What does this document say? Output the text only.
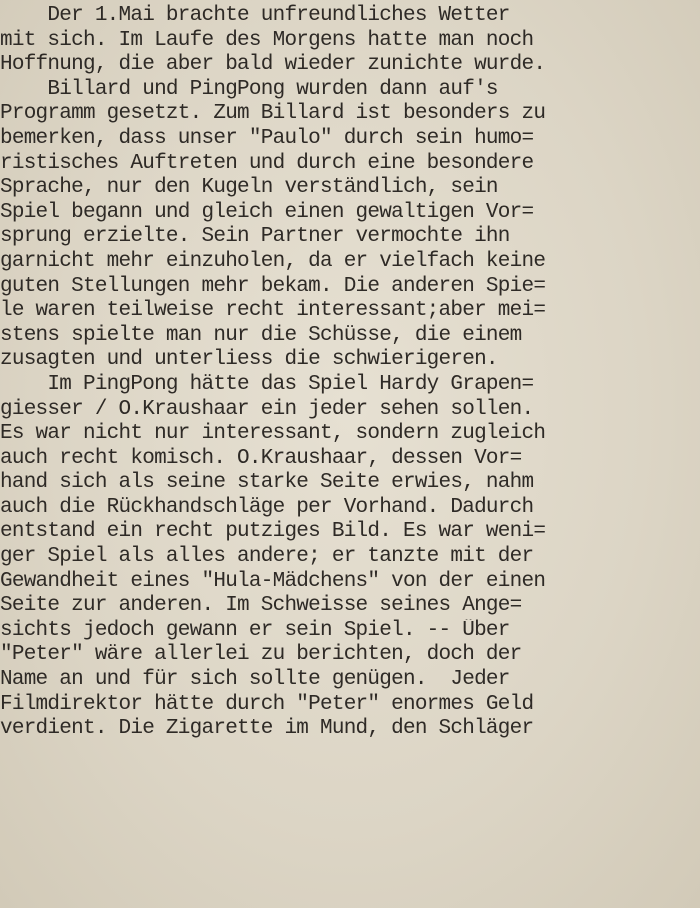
Der 1.Mai brachte unfreundliches Wetter
mit sich. Im Laufe des Morgens hatte man noch
Hoffnung, die aber bald wieder zunichte wurde.
Billard und PingPong wurden dann auf's
Programm gesetzt. Zum Billard ist besonders zu
bemerken, dass unser "Paulo" durch sein humo=
ristisches Auftreten und durch eine besondere
Sprache, nur den Kugeln verständlich, sein
Spiel begann und gleich einen gewaltigen Vor=
sprung erzielte. Sein Partner vermochte ihn
garnicht mehr einzuholen, da er vielfach keine
guten Stellungen mehr bekam. Die anderen Spie=
le waren teilweise recht interessant;aber mei=
stens spielte man nur die Schüsse, die einem
zusagten und unterliess die schwierigeren.
Im PingPong hätte das Spiel Hardy Grapen=
giesser / O.Kraushaar ein jeder sehen sollen.
Es war nicht nur interessant, sondern zugleich
auch recht komisch. O.Kraushaar, dessen Vor=
hand sich als seine starke Seite erwies, nahm
auch die Rückhandschläge per Vorhand. Dadurch
entstand ein recht putziges Bild. Es war weni=
ger Spiel als alles andere; er tanzte mit der
Gewandheit eines "Hula-Mädchens" von der einen
Seite zur anderen. Im Schweisse seines Ange=
sichts jedoch gewann er sein Spiel. -- Über
"Peter" wäre allerlei zu berichten, doch der
Name an und für sich sollte genügen.  Jeder
Filmdirektor hätte durch "Peter" enormes Geld
verdient. Die Zigarette im Mund, den Schläger
